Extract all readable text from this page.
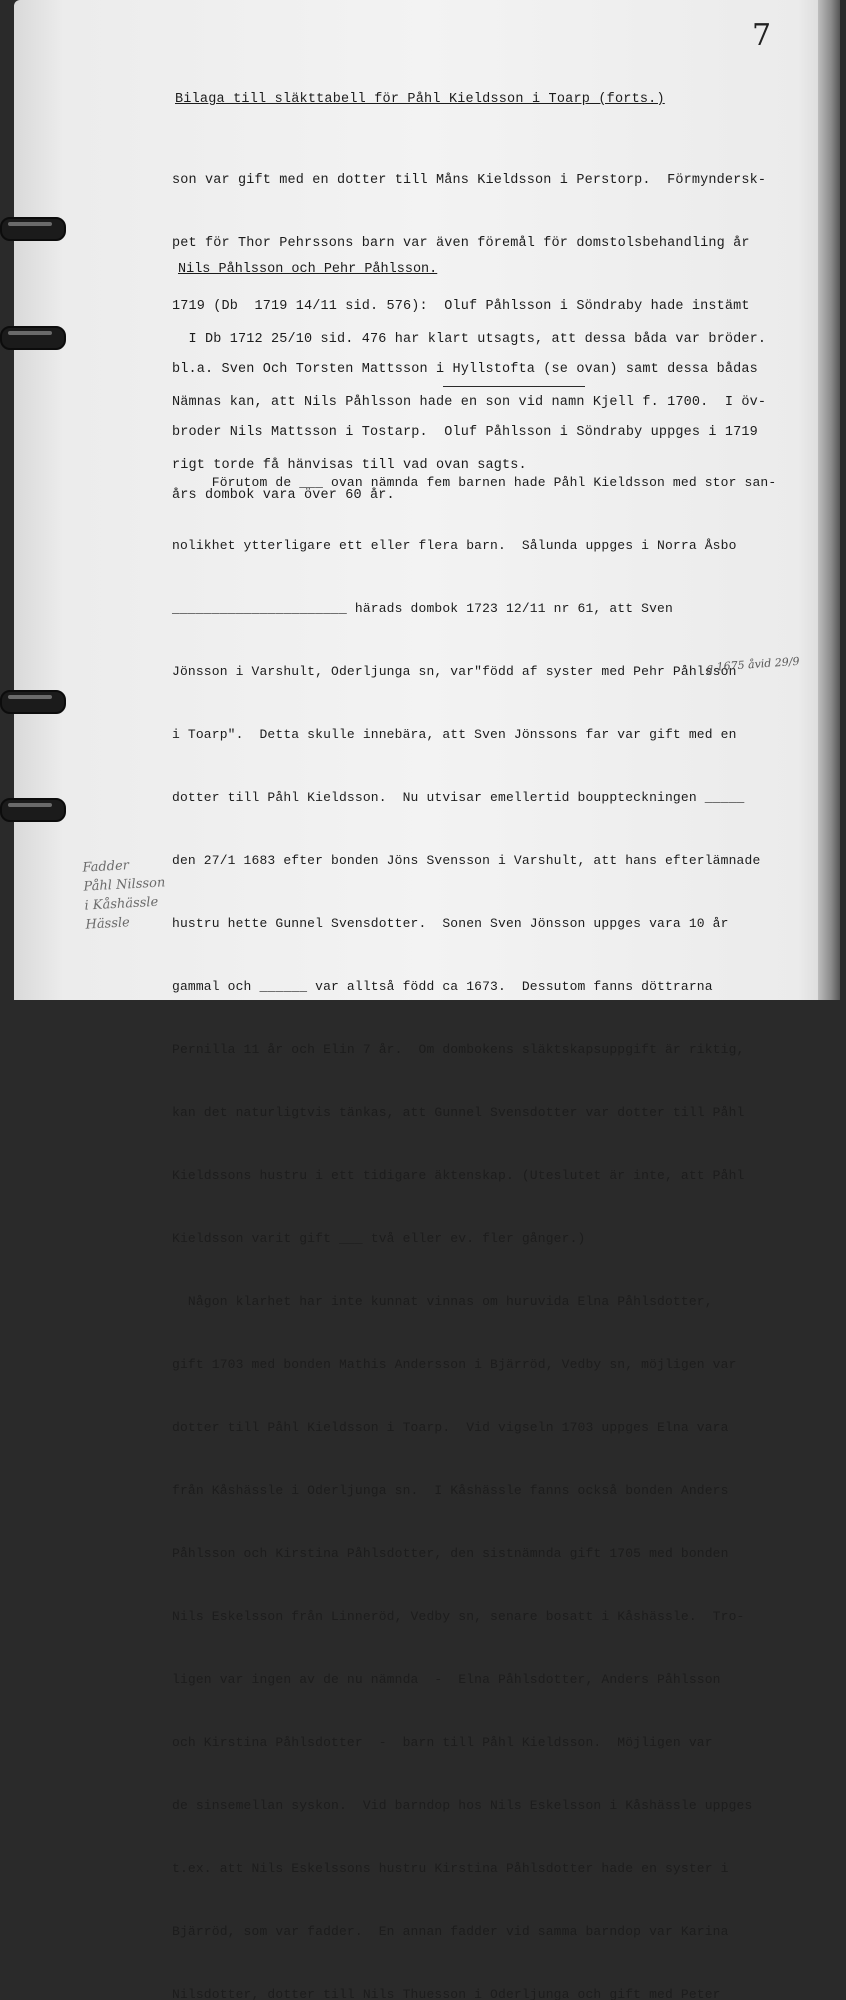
7
Bilaga till släkttabell för Påhl Kieldsson i Toarp (forts.)

son var gift med en dotter till Måns Kieldsson i Perstorp.  Förmyndersk-

pet för Thor Pehrssons barn var även föremål för domstolsbehandling år

1719 (Db  1719 14/11 sid. 576):  Oluf Påhlsson i Söndraby hade instämt

bl.a. Sven Och Torsten Mattsson i Hyllstofta (se ovan) samt dessa bådas

broder Nils Mattsson i Tostarp.  Oluf Påhlsson i Söndraby uppges i 1719

års dombok vara över 60 år.

Nils Påhlsson och Pehr Påhlsson.

I Db 1712 25/10 sid. 476 har klart utsagts, att dessa båda var bröder.

Nämnas kan, att Nils Påhlsson hade en son vid namn Kjell f. 1700.  I öv-

rigt torde få hänvisas till vad ovan sagts.

Förutom de ___ ovan nämnda fem barnen hade Påhl Kieldsson med stor san-

nolikhet ytterligare ett eller flera barn.  Sålunda uppges i Norra Åsbo

______________________ härads dombok 1723 12/11 nr 61, att Sven

Jönsson i Varshult, Oderljunga sn, var"född af syster med Pehr Påhlsson

i Toarp".  Detta skulle innebära, att Sven Jönssons far var gift med en

dotter till Påhl Kieldsson.  Nu utvisar emellertid bouppteckningen _____

den 27/1 1683 efter bonden Jöns Svensson i Varshult, att hans efterlämnade

hustru hette Gunnel Svensdotter.  Sonen Sven Jönsson uppges vara 10 år

gammal och ______ var alltså född ca 1673.  Dessutom fanns döttrarna

Pernilla 11 år och Elin 7 år.  Om dombokens släktskapsuppgift är riktig,

kan det naturligtvis tänkas, att Gunnel Svensdotter var dotter till Påhl

Kieldssons hustru i ett tidigare äktenskap. (Uteslutet är inte, att Påhl

Kieldsson varit gift ___ två eller ev. fler gånger.)

Någon klarhet har inte kunnat vinnas om huruvida Elna Påhlsdotter,

gift 1703 med bonden Mathis Andersson i Bjärröd, Vedby sn, möjligen var

dotter till Påhl Kieldsson i Toarp.  Vid vigseln 1703 uppges Elna vara

från Kåshässle i Oderljunga sn.  I Kåshässle fanns också bonden Anders

Påhlsson och Kirstina Påhlsdotter, den sistnämnda gift 1705 med bonden

Nils Eskelsson från Linneröd, Vedby sn, senare bosatt i Kåshässle.  Tro-

ligen var ingen av de nu nämnda  -  Elna Påhlsdotter, Anders Påhlsson

och Kirstina Påhlsdotter  -  barn till Påhl Kieldsson.  Möjligen var

de sinsemellan syskon.  Vid barndop hos Nils Eskelsson i Kåshässle uppges

t.ex. att Nils Eskelssons hustru Kirstina Påhlsdotter hade en syster i

Bjärröd, som var fadder.  En annan fadder vid samma barndop var Karina

Nilsdotter, dotter till Nils Thuesson i Oderljunga och gift med Peter

g.1675 åvid 29/9
Fadder
Påhl Nilsson
i Kåshässle
Hässle
